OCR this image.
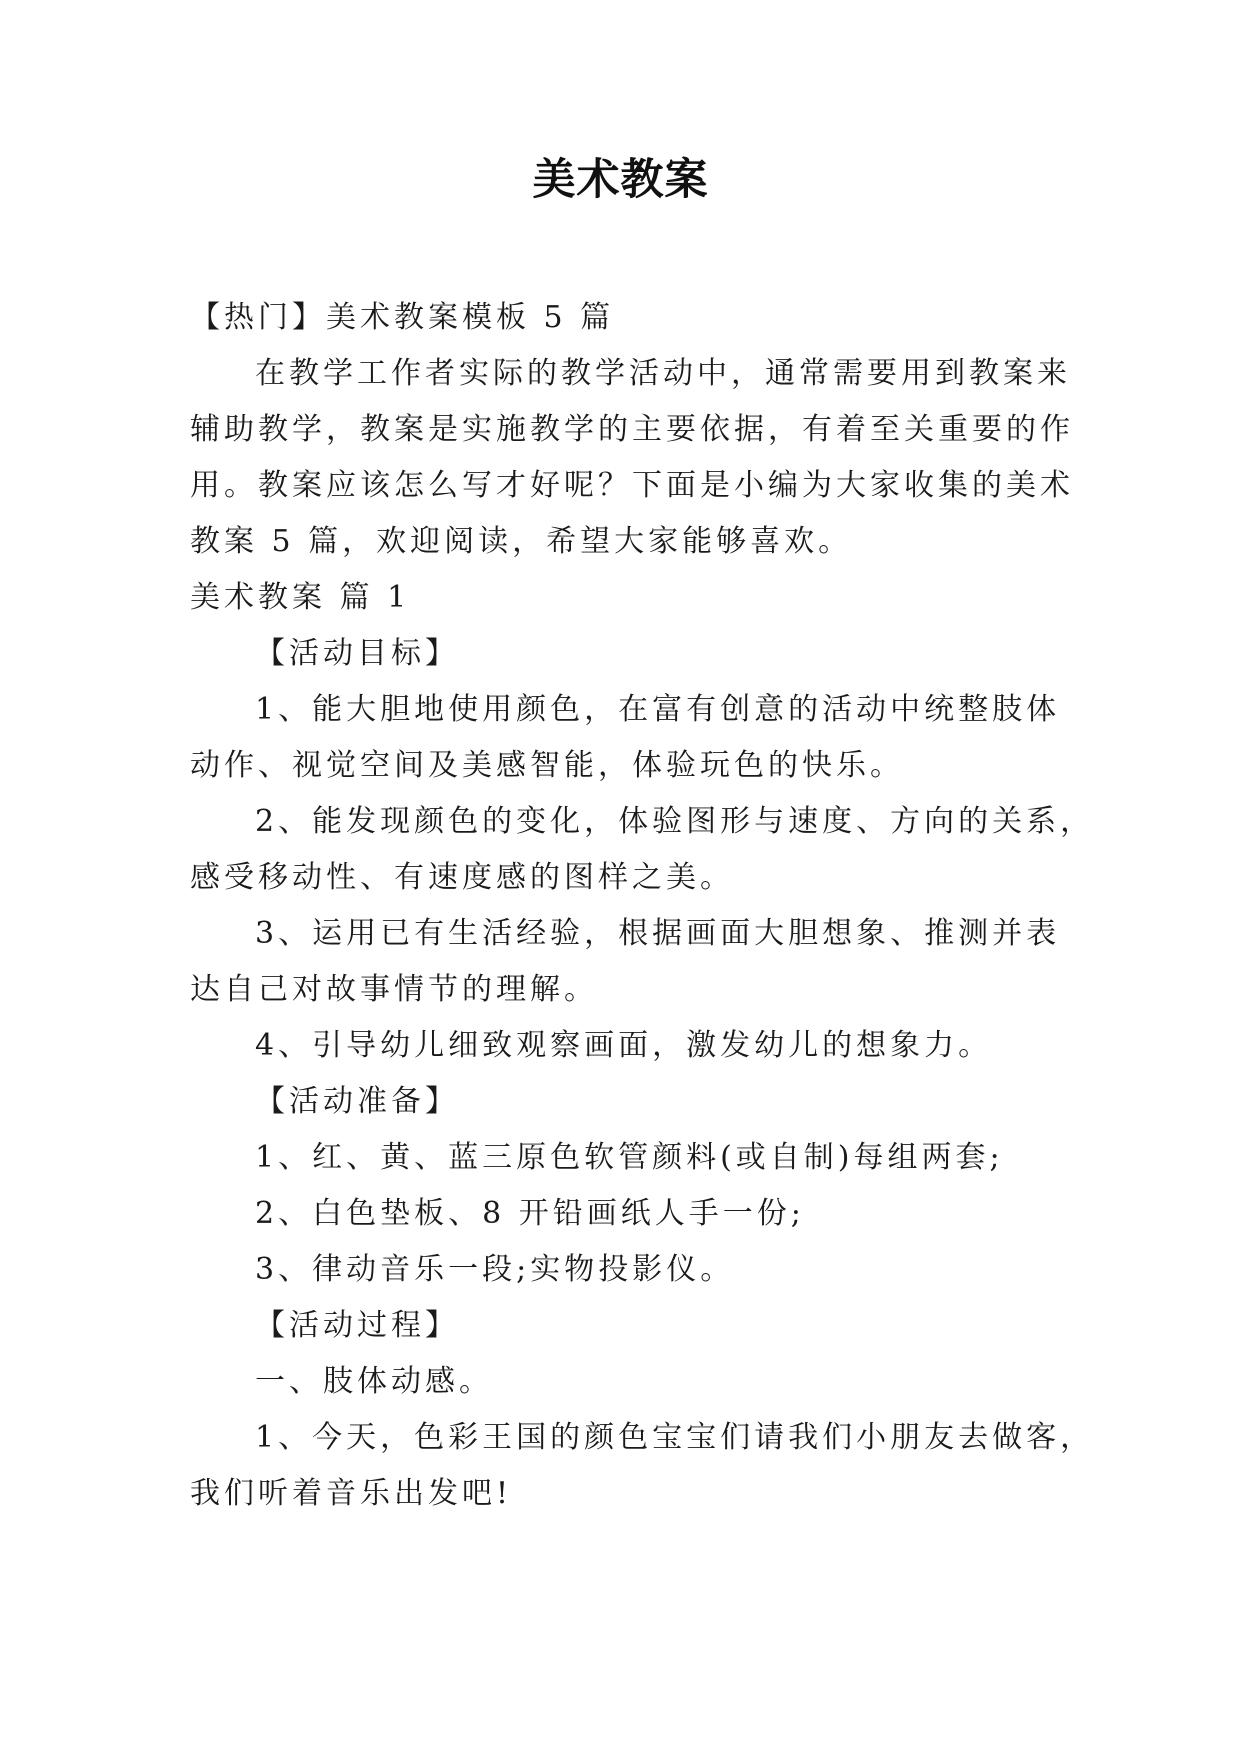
美术教案
【热门】美术教案模板 5 篇
在教学工作者实际的教学活动中，通常需要用到教案来
辅助教学，教案是实施教学的主要依据，有着至关重要的作
用。教案应该怎么写才好呢？下面是小编为大家收集的美术
教案 5 篇，欢迎阅读，希望大家能够喜欢。
美术教案 篇 1
【活动目标】
1、能大胆地使用颜色，在富有创意的活动中统整肢体
动作、视觉空间及美感智能，体验玩色的快乐。
2、能发现颜色的变化，体验图形与速度、方向的关系，
感受移动性、有速度感的图样之美。
3、运用已有生活经验，根据画面大胆想象、推测并表
达自己对故事情节的理解。
4、引导幼儿细致观察画面，激发幼儿的想象力。
【活动准备】
1、红、黄、蓝三原色软管颜料(或自制)每组两套;
2、白色垫板、8 开铅画纸人手一份;
3、律动音乐一段;实物投影仪。
【活动过程】
一、肢体动感。
1、今天，色彩王国的颜色宝宝们请我们小朋友去做客，
我们听着音乐出发吧!
